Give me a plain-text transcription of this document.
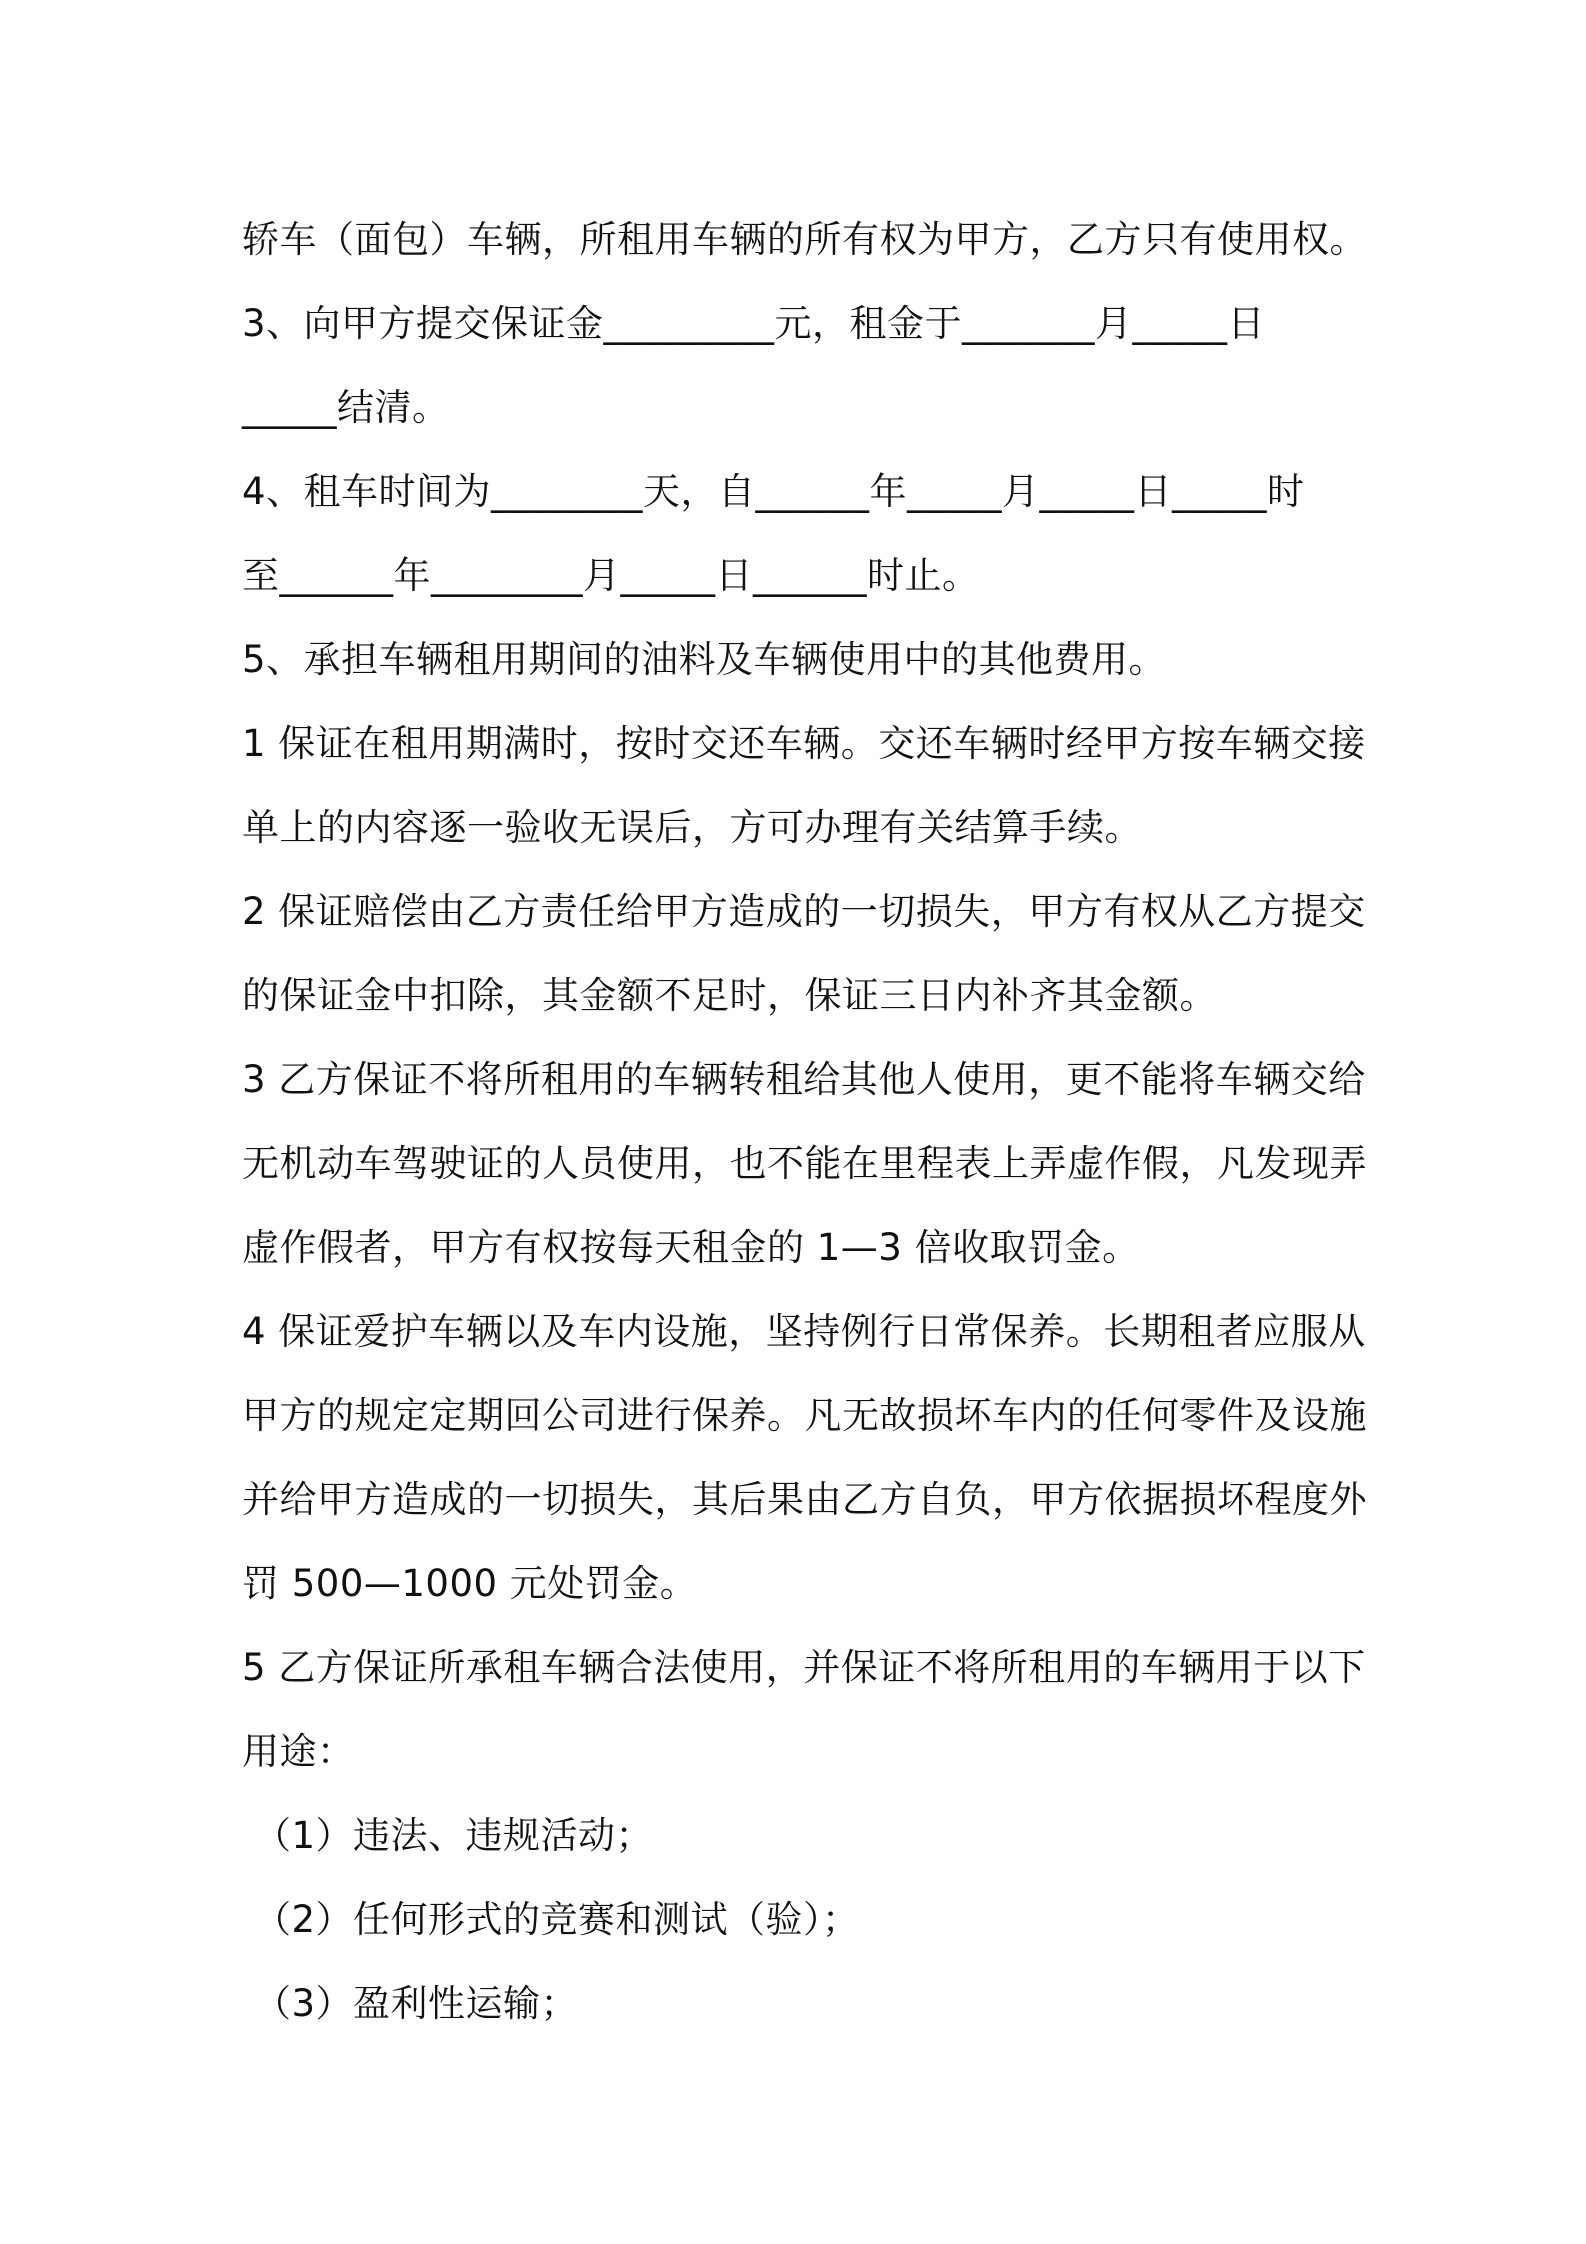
轿车（面包）车辆，所租用车辆的所有权为甲方，乙方只有使用权。
3、向甲方提交保证金_________元，租金于_______月_____日
_____结清。
4、租车时间为________天，自______年_____月_____日_____时
至______年________月_____日______时止。
5、承担车辆租用期间的油料及车辆使用中的其他费用。
1 保证在租用期满时，按时交还车辆。交还车辆时经甲方按车辆交接
单上的内容逐一验收无误后，方可办理有关结算手续。
2 保证赔偿由乙方责任给甲方造成的一切损失，甲方有权从乙方提交
的保证金中扣除，其金额不足时，保证三日内补齐其金额。
3 乙方保证不将所租用的车辆转租给其他人使用，更不能将车辆交给
无机动车驾驶证的人员使用，也不能在里程表上弄虚作假，凡发现弄
虚作假者，甲方有权按每天租金的 1—3 倍收取罚金。
4 保证爱护车辆以及车内设施，坚持例行日常保养。长期租者应服从
甲方的规定定期回公司进行保养。凡无故损坏车内的任何零件及设施
并给甲方造成的一切损失，其后果由乙方自负，甲方依据损坏程度外
罚 500—1000 元处罚金。
5 乙方保证所承租车辆合法使用，并保证不将所租用的车辆用于以下
用途：
（1）违法、违规活动；
（2）任何形式的竞赛和测试（验）；
（3）盈利性运输；
